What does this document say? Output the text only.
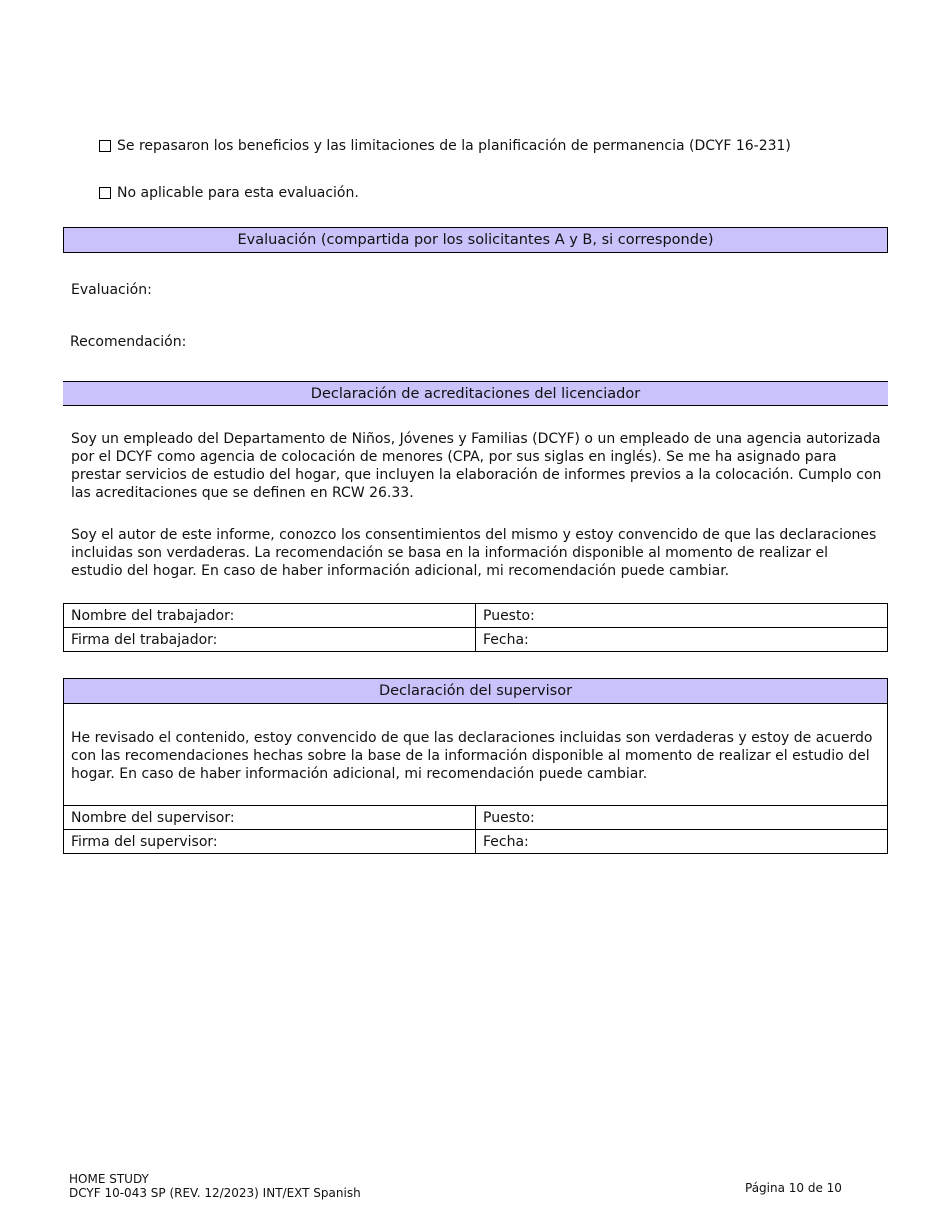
Se repasaron los beneficios y las limitaciones de la planificación de permanencia (DCYF 16-231)
No aplicable para esta evaluación.
Evaluación (compartida por los solicitantes A y B, si corresponde)
Evaluación:
Recomendación:
Declaración de acreditaciones del licenciador

Soy un empleado del Departamento de Niños, Jóvenes y Familias (DCYF) o un empleado de una agencia autorizada por el DCYF como agencia de colocación de menores (CPA, por sus siglas en inglés). Se me ha asignado para prestar servicios de estudio del hogar, que incluyen la elaboración de informes previos a la colocación. Cumplo con las acreditaciones que se definen en RCW 26.33.

Soy el autor de este informe, conozco los consentimientos del mismo y estoy convencido de que las declaraciones incluidas son verdaderas. La recomendación se basa en la información disponible al momento de realizar el estudio del hogar. En caso de haber información adicional, mi recomendación puede cambiar.

Nombre del trabajador:	Puesto:
Firma del trabajador:	Fecha:
Declaración del supervisor

He revisado el contenido, estoy convencido de que las declaraciones incluidas son verdaderas y estoy de acuerdo con las recomendaciones hechas sobre la base de la información disponible al momento de realizar el estudio del hogar. En caso de haber información adicional, mi recomendación puede cambiar.

Nombre del supervisor:	Puesto:
Firma del supervisor:	Fecha:
HOME STUDY
DCYF 10-043 SP (REV. 12/2023) INT/EXT Spanish	Página 10 de 10
